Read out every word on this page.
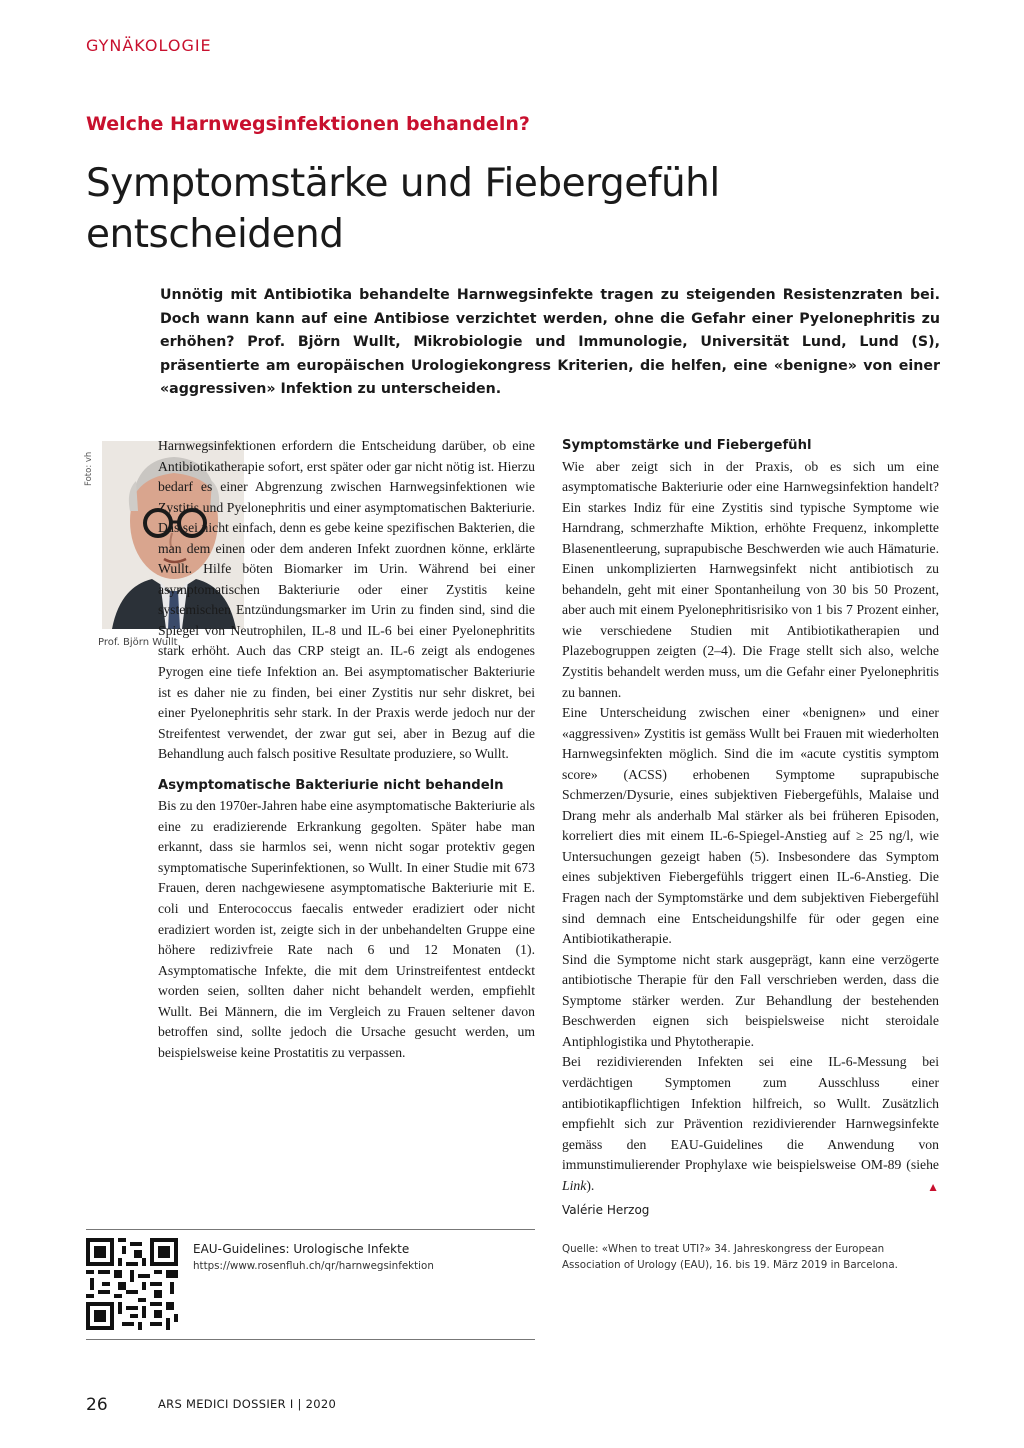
GYNÄKOLOGIE
Welche Harnwegsinfektionen behandeln?
Symptomstärke und Fiebergefühl entscheidend
Unnötig mit Antibiotika behandelte Harnwegsinfekte tragen zu steigenden Resistenzraten bei. Doch wann kann auf eine Antibiose verzichtet werden, ohne die Gefahr einer Pyelonephritis zu erhöhen? Prof. Björn Wullt, Mikrobiologie und Immunologie, Universität Lund, Lund (S), präsentierte am europäischen Urologiekongress Kriterien, die helfen, eine «benigne» von einer «aggressiven» Infektion zu unterscheiden.
Foto: vh
Prof. Björn Wullt

Harnwegsinfektionen erfordern die Entscheidung darüber, ob eine Antibiotikatherapie sofort, erst später oder gar nicht nötig ist. Hierzu bedarf es einer Abgrenzung zwischen Harnwegsinfektionen wie Zystitis und Pyelonephritis und einer asymptomatischen Bakteriurie. Das sei nicht einfach, denn es gebe keine spezifischen Bakterien, die man dem einen oder dem anderen Infekt zuordnen könne, erklärte Wullt. Hilfe böten Biomarker im Urin. Während bei einer asymptomatischen Bakteriurie oder einer Zystitis keine systemischen Entzündungsmarker im Urin zu finden sind, sind die Spiegel von Neutrophilen, IL-8 und IL-6 bei einer Pyelonephritits stark erhöht. Auch das CRP steigt an. IL-6 zeigt als endogenes Pyrogen eine tiefe Infektion an. Bei asymptomatischer Bakteriurie ist es daher nie zu finden, bei einer Zystitis nur sehr diskret, bei einer Pyelonephritis sehr stark. In der Praxis werde jedoch nur der Streifentest verwendet, der zwar gut sei, aber in Bezug auf die Behandlung auch falsch positive Resultate produziere, so Wullt.

Asymptomatische Bakteriurie nicht behandeln

Bis zu den 1970er-Jahren habe eine asymptomatische Bakteriurie als eine zu eradizierende Erkrankung gegolten. Später habe man erkannt, dass sie harmlos sei, wenn nicht sogar protektiv gegen symptomatische Superinfektionen, so Wullt. In einer Studie mit 673 Frauen, deren nachgewiesene asymptomatische Bakteriurie mit E. coli und Enterococcus faecalis entweder eradiziert oder nicht eradiziert worden ist, zeigte sich in der unbehandelten Gruppe eine höhere redizivfreie Rate nach 6 und 12 Monaten (1). Asymptomatische Infekte, die mit dem Urinstreifentest entdeckt worden seien, sollten daher nicht behandelt werden, empfiehlt Wullt. Bei Männern, die im Vergleich zu Frauen seltener davon betroffen sind, sollte jedoch die Ursache gesucht werden, um beispielsweise keine Prostatitis zu verpassen.

Symptomstärke und Fiebergefühl

Wie aber zeigt sich in der Praxis, ob es sich um eine asymptomatische Bakteriurie oder eine Harnwegsinfektion handelt? Ein starkes Indiz für eine Zystitis sind typische Symptome wie Harndrang, schmerzhafte Miktion, erhöhte Frequenz, inkomplette Blasenentleerung, suprapubische Beschwerden wie auch Hämaturie. Einen unkomplizierten Harnwegsinfekt nicht antibiotisch zu behandeln, geht mit einer Spontanheilung von 30 bis 50 Prozent, aber auch mit einem Pyelonephritisrisiko von 1 bis 7 Prozent einher, wie verschiedene Studien mit Antibiotikatherapien und Plazebogruppen zeigten (2–4). Die Frage stellt sich also, welche Zystitis behandelt werden muss, um die Gefahr einer Pyelonephritis zu bannen.

Eine Unterscheidung zwischen einer «benignen» und einer «aggressiven» Zystitis ist gemäss Wullt bei Frauen mit wiederholten Harnwegsinfekten möglich. Sind die im «acute cystitis symptom score» (ACSS) erhobenen Symptome suprapubische Schmerzen/Dysurie, eines subjektiven Fiebergefühls, Malaise und Drang mehr als anderhalb Mal stärker als bei früheren Episoden, korreliert dies mit einem IL-6-Spiegel-Anstieg auf ≥ 25 ng/l, wie Untersuchungen gezeigt haben (5). Insbesondere das Symptom eines subjektiven Fiebergefühls triggert einen IL-6-Anstieg. Die Fragen nach der Symptomstärke und dem subjektiven Fiebergefühl sind demnach eine Entscheidungshilfe für oder gegen eine Antibiotikatherapie.

Sind die Symptome nicht stark ausgeprägt, kann eine verzögerte antibiotische Therapie für den Fall verschrieben werden, dass die Symptome stärker werden. Zur Behandlung der bestehenden Beschwerden eignen sich beispielsweise nicht steroidale Antiphlogistika und Phytotherapie.

Bei rezidivierenden Infekten sei eine IL-6-Messung bei verdächtigen Symptomen zum Ausschluss einer antibiotikapflichtigen Infektion hilfreich, so Wullt. Zusätzlich empfiehlt sich zur Prävention rezidivierender Harnwegsinfekte gemäss den EAU-Guidelines die Anwendung von immunstimulierender Prophylaxe wie beispielsweise OM-89 (siehe Link).	▲

Valérie Herzog
Quelle: «When to treat UTI?» 34. Jahreskongress der European Association of Urology (EAU), 16. bis 19. März 2019 in Barcelona.
EAU-Guidelines: Urologische Infekte
https://www.rosenfluh.ch/qr/harnwegsinfektion
26	ARS MEDICI DOSSIER I | 2020
